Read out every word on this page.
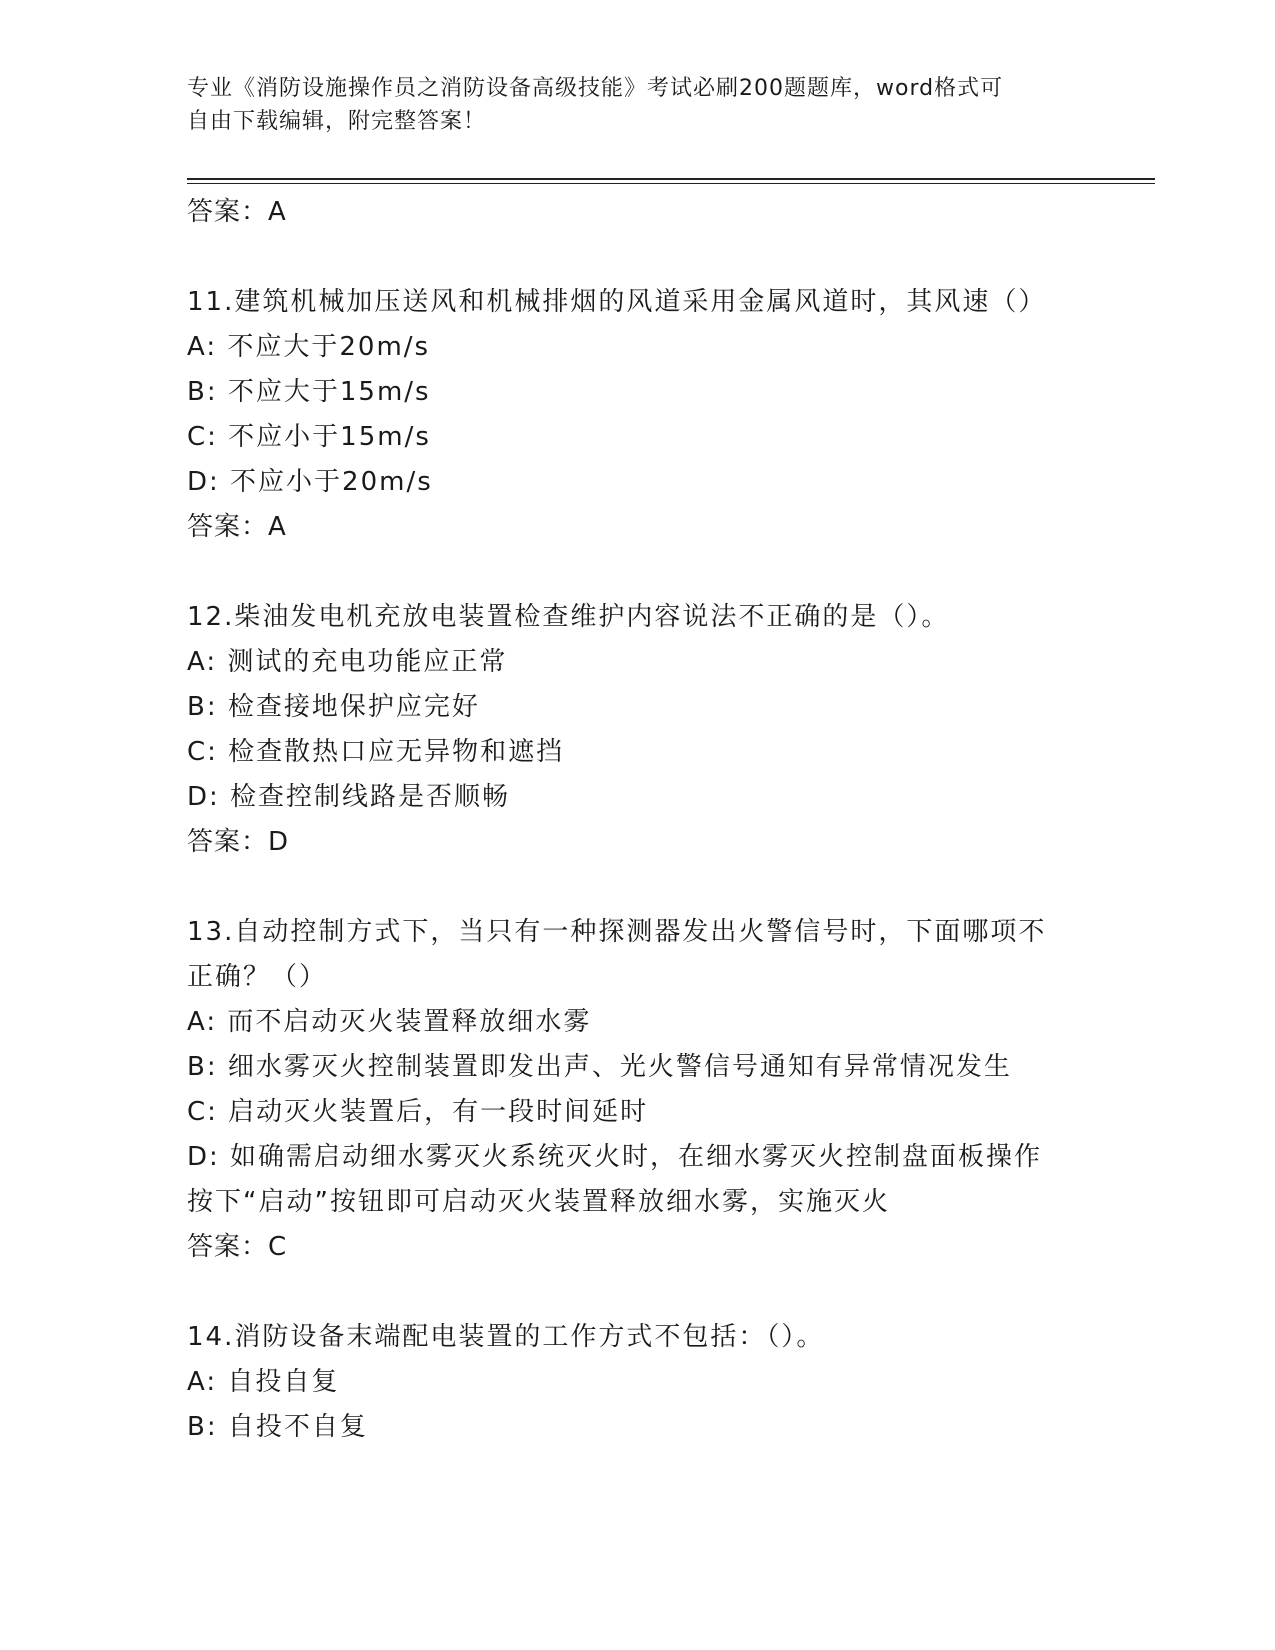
专业《消防设施操作员之消防设备高级技能》考试必刷200题题库，word格式可
自由下载编辑，附完整答案！
答案：A
11.建筑机械加压送风和机械排烟的风道采用金属风道时，其风速（）
A: 不应大于20m/s
B: 不应大于15m/s
C: 不应小于15m/s
D: 不应小于20m/s
答案：A
12.柴油发电机充放电装置检查维护内容说法不正确的是（）。
A: 测试的充电功能应正常
B: 检查接地保护应完好
C: 检查散热口应无异物和遮挡
D: 检查控制线路是否顺畅
答案：D
13.自动控制方式下，当只有一种探测器发出火警信号时，下面哪项不
正确？（）
A: 而不启动灭火装置释放细水雾
B: 细水雾灭火控制装置即发出声、光火警信号通知有异常情况发生
C: 启动灭火装置后，有一段时间延时
D: 如确需启动细水雾灭火系统灭火时，在细水雾灭火控制盘面板操作
按下“启动”按钮即可启动灭火装置释放细水雾，实施灭火
答案：C
14.消防设备末端配电装置的工作方式不包括：（）。
A: 自投自复
B: 自投不自复
